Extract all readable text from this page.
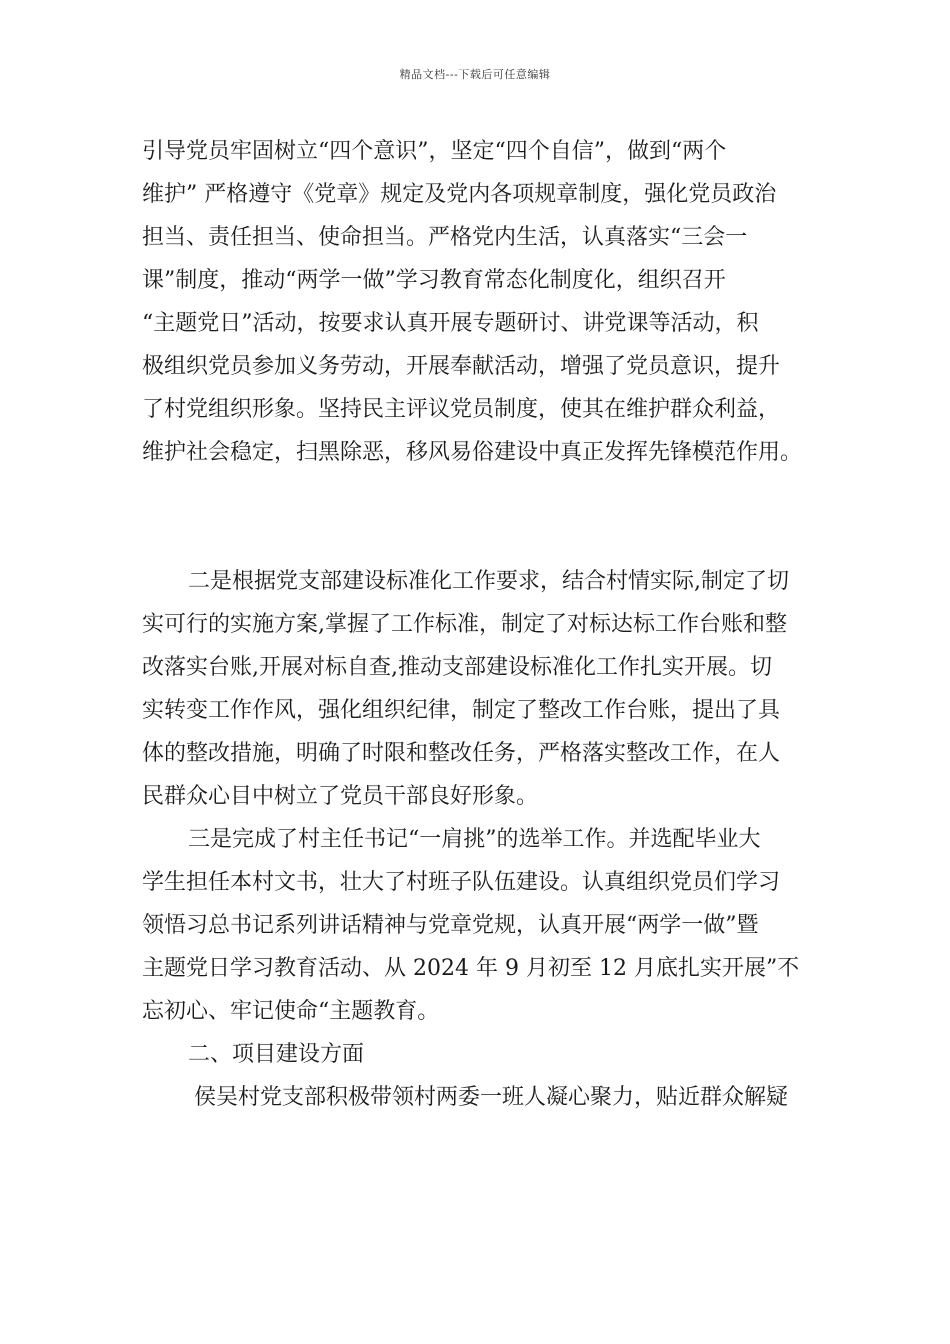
精品文档---下载后可任意编辑
引导党员牢固树立“四个意识”，坚定“四个自信”，做到“两个
维护” 严格遵守《党章》规定及党内各项规章制度，强化党员政治
担当、责任担当、使命担当。严格党内生活，认真落实“三会一
课”制度，推动“两学一做”学习教育常态化制度化，组织召开
“主题党日”活动，按要求认真开展专题研讨、讲党课等活动，积
极组织党员参加义务劳动，开展奉献活动，增强了党员意识，提升
了村党组织形象。坚持民主评议党员制度，使其在维护群众利益，
维护社会稳定，扫黑除恶，移风易俗建设中真正发挥先锋模范作用。
二是根据党支部建设标准化工作要求，结合村情实际,制定了切
实可行的实施方案,掌握了工作标准，制定了对标达标工作台账和整
改落实台账,开展对标自查,推动支部建设标准化工作扎实开展。切
实转变工作作风，强化组织纪律，制定了整改工作台账，提出了具
体的整改措施，明确了时限和整改任务，严格落实整改工作，在人
民群众心目中树立了党员干部良好形象。
三是完成了村主任书记“一肩挑”的选举工作。并选配毕业大
学生担任本村文书，壮大了村班子队伍建设。认真组织党员们学习
领悟习总书记系列讲话精神与党章党规，认真开展“两学一做”暨
主题党日学习教育活动、从 2024 年 9 月初至 12 月底扎实开展”不
忘初心、牢记使命“主题教育。
二、项目建设方面
侯吴村党支部积极带领村两委一班人凝心聚力，贴近群众解疑
